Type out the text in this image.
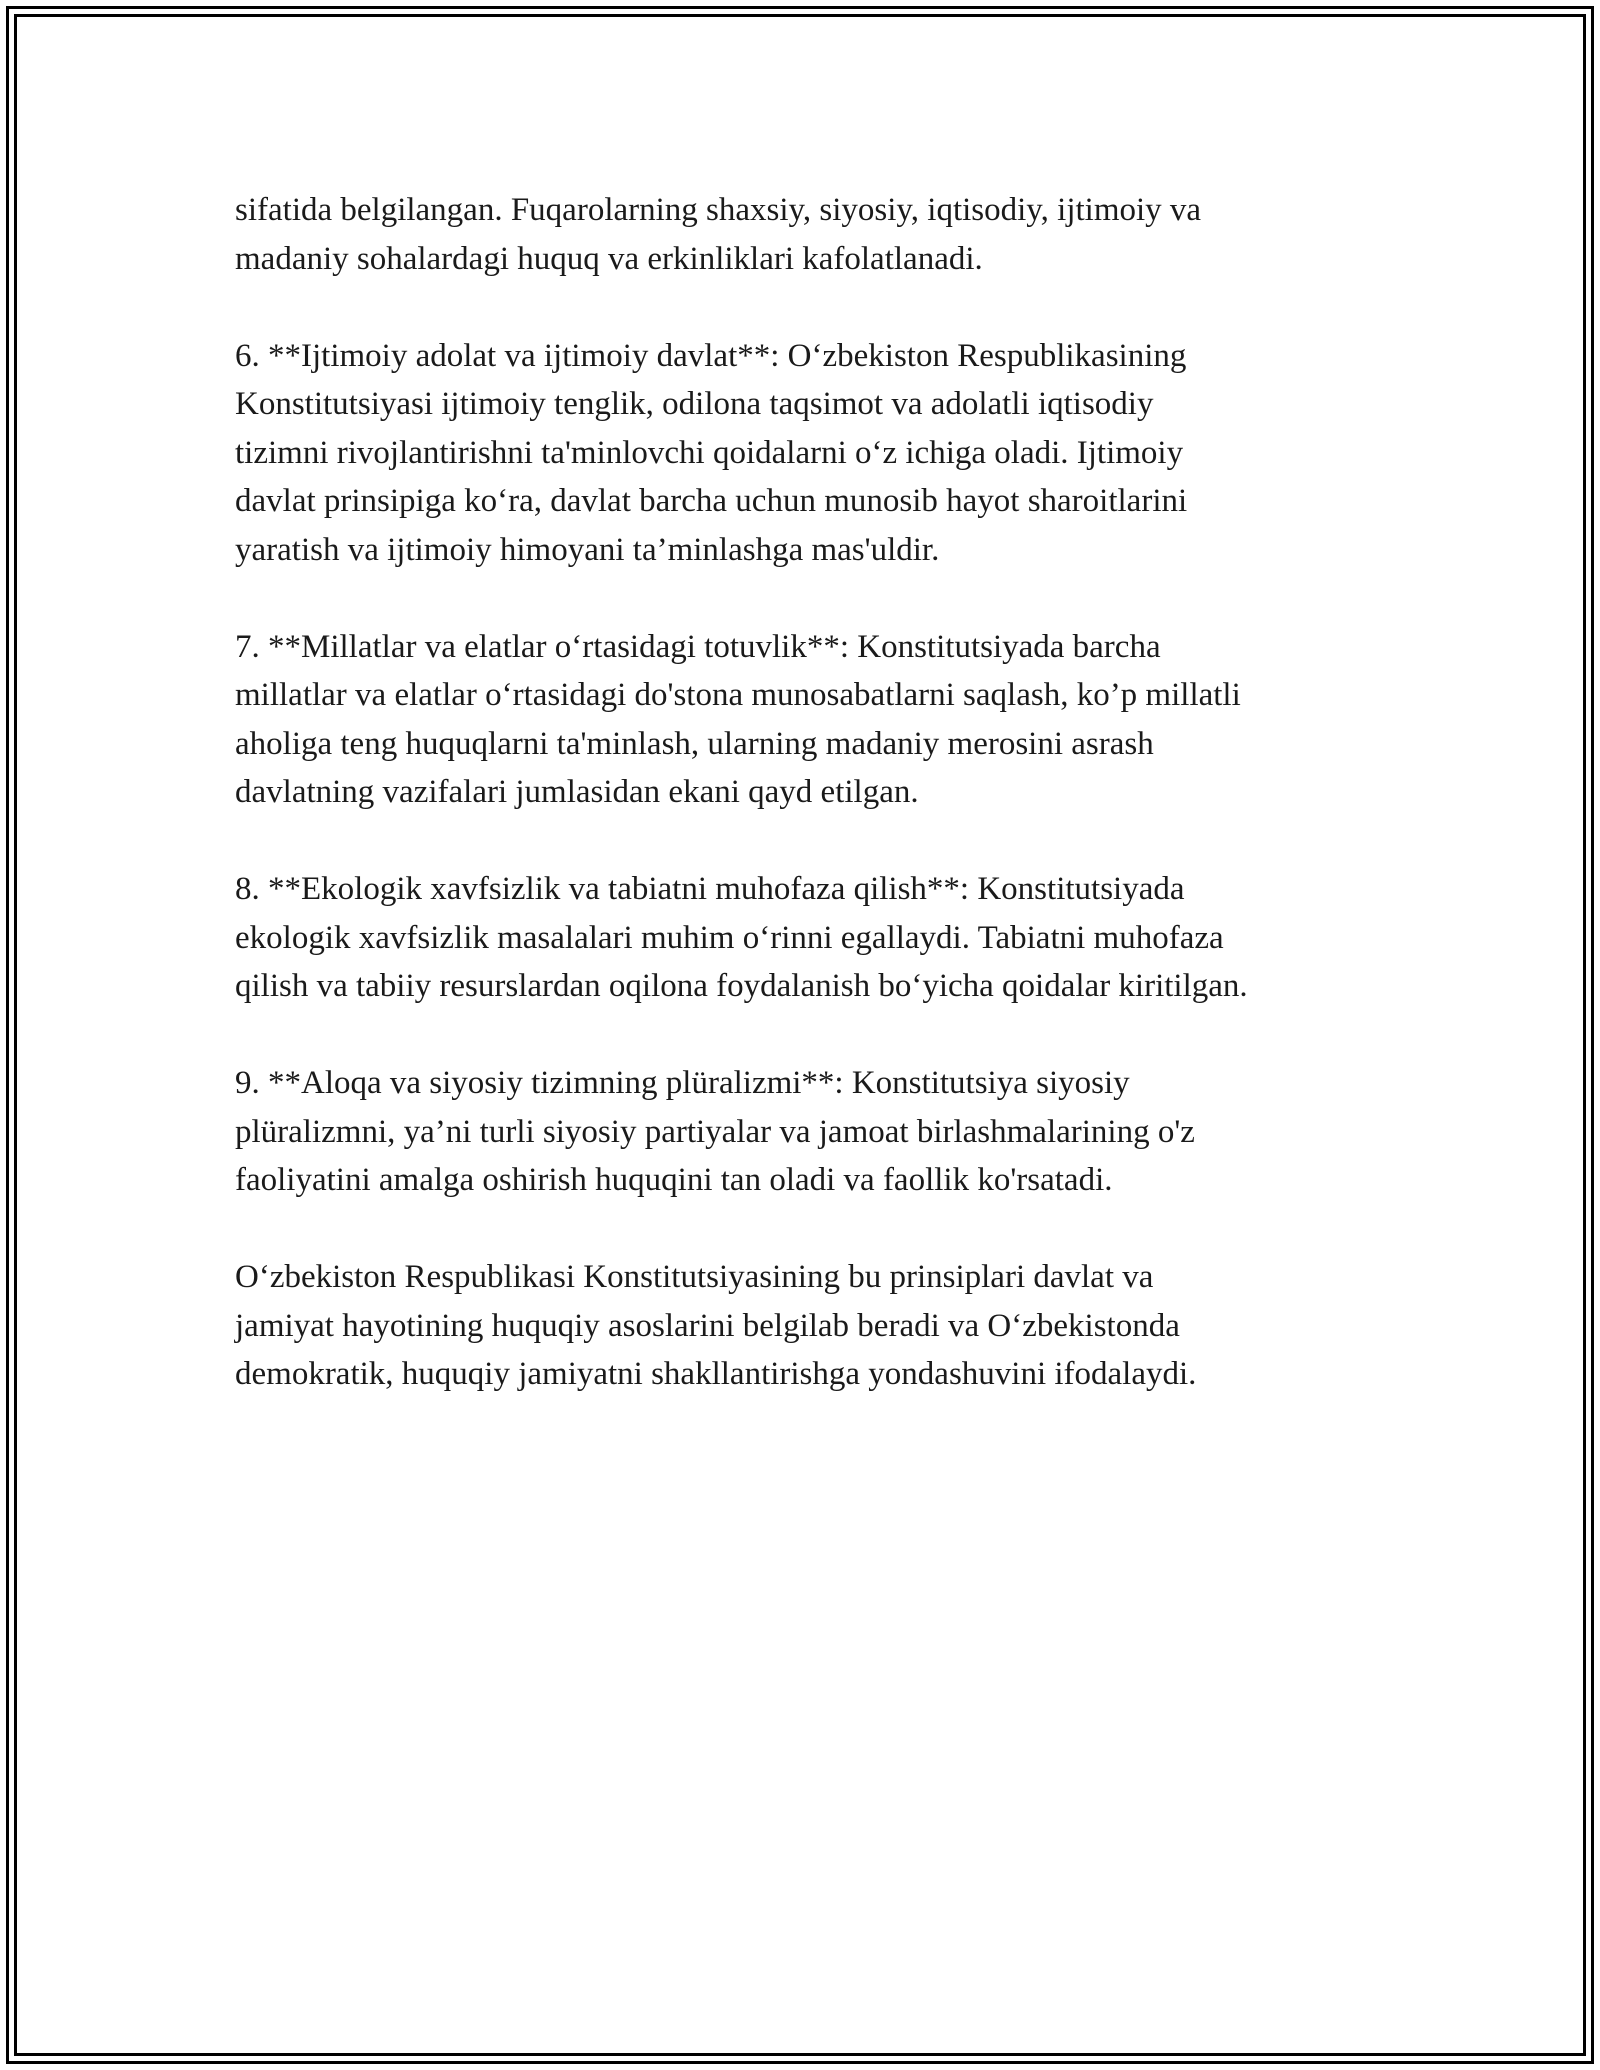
sifatida belgilangan. Fuqarolarning shaxsiy, siyosiy, iqtisodiy, ijtimoiy va
madaniy sohalardagi huquq va erkinliklari kafolatlanadi.

6. **Ijtimoiy adolat va ijtimoiy davlat**: O‘zbekiston Respublikasining
Konstitutsiyasi ijtimoiy tenglik, odilona taqsimot va adolatli iqtisodiy
tizimni rivojlantirishni ta'minlovchi qoidalarni o‘z ichiga oladi. Ijtimoiy
davlat prinsipiga ko‘ra, davlat barcha uchun munosib hayot sharoitlarini
yaratish va ijtimoiy himoyani ta’minlashga mas'uldir.

7. **Millatlar va elatlar o‘rtasidagi totuvlik**: Konstitutsiyada barcha
millatlar va elatlar o‘rtasidagi do'stona munosabatlarni saqlash, ko’p millatli
aholiga teng huquqlarni ta'minlash, ularning madaniy merosini asrash
davlatning vazifalari jumlasidan ekani qayd etilgan.

8. **Ekologik xavfsizlik va tabiatni muhofaza qilish**: Konstitutsiyada
ekologik xavfsizlik masalalari muhim o‘rinni egallaydi. Tabiatni muhofaza
qilish va tabiiy resurslardan oqilona foydalanish bo‘yicha qoidalar kiritilgan.

9. **Aloqa va siyosiy tizimning plüralizmi**: Konstitutsiya siyosiy
plüralizmni, ya’ni turli siyosiy partiyalar va jamoat birlashmalarining o'z
faoliyatini amalga oshirish huquqini tan oladi va faollik ko'rsatadi.

O‘zbekiston Respublikasi Konstitutsiyasining bu prinsiplari davlat va
jamiyat hayotining huquqiy asoslarini belgilab beradi va O‘zbekistonda
demokratik, huquqiy jamiyatni shakllantirishga yondashuvini ifodalaydi.
